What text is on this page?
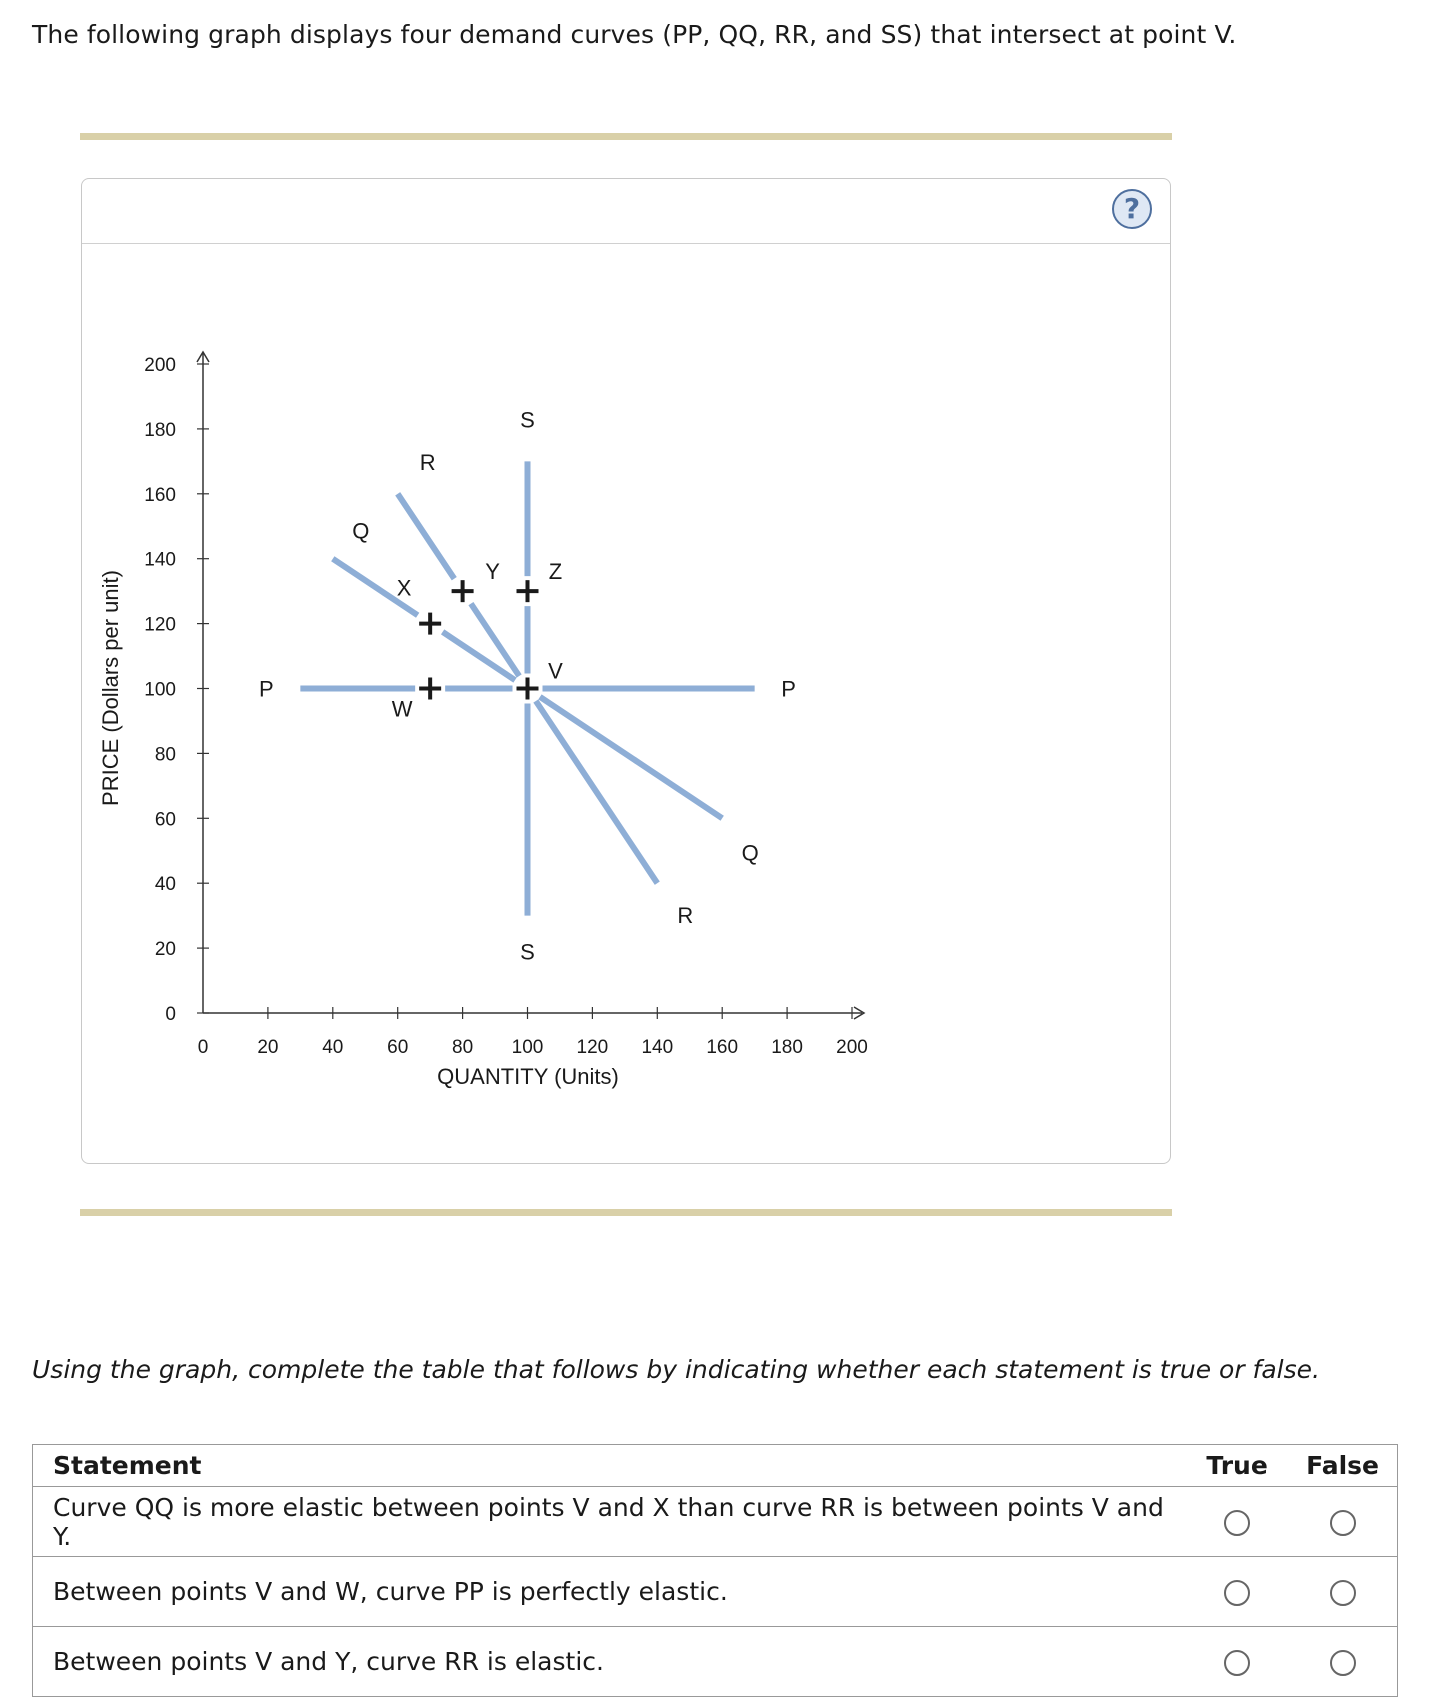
The following graph displays four demand curves (PP, QQ, RR, and SS) that intersect at point V.
?
0	20 40 60 80 100 120 140 160 180 200
0
20
40
60
80
100
120
140
160
180
200
P	P
Q
Q
R
R
S
S
V
W
X
Y Z
QUANTITY (Units)
PRICE (Dollars per unit)
Using the graph, complete the table that follows by indicating whether each statement is true or false.
Statement	True	False
Curve QQ is more elastic between points V and X than curve RR is between points V and Y.		
Between points V and W, curve PP is perfectly elastic.		
Between points V and Y, curve RR is elastic.		
